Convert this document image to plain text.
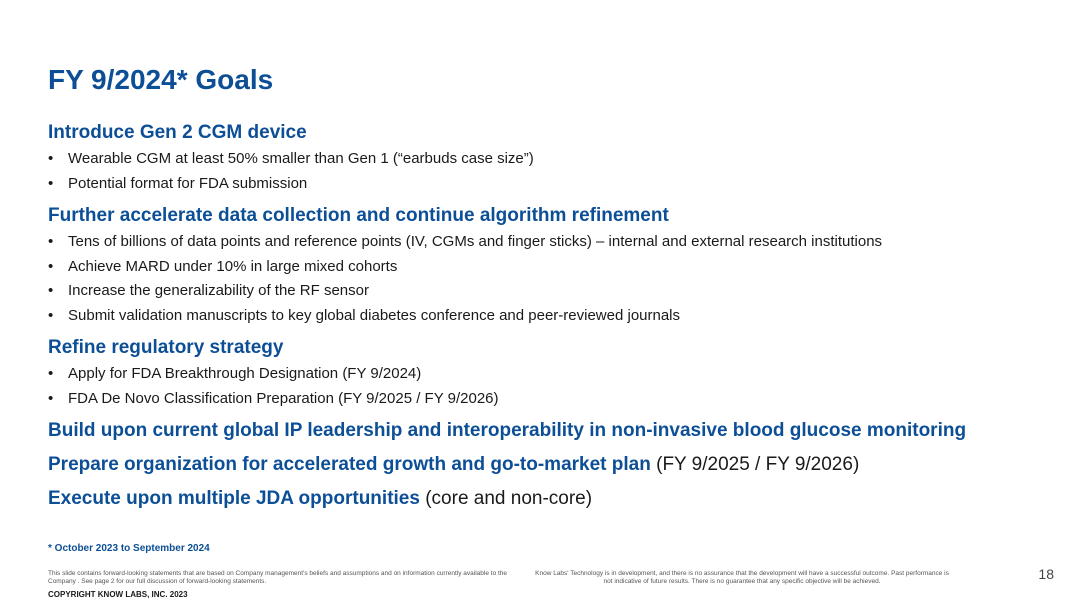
FY 9/2024* Goals
Introduce Gen 2 CGM device
• Wearable CGM at least 50% smaller than Gen 1 (“earbuds case size”)
• Potential format for FDA submission
Further accelerate data collection and continue algorithm refinement
• Tens of billions of data points and reference points (IV, CGMs and finger sticks) – internal and external research institutions
• Achieve MARD under 10% in large mixed cohorts
• Increase the generalizability of the RF sensor
• Submit validation manuscripts to key global diabetes conference and peer-reviewed journals
Refine regulatory strategy
• Apply for FDA Breakthrough Designation (FY 9/2024)
• FDA De Novo Classification Preparation (FY 9/2025 / FY 9/2026)
Build upon current global IP leadership and interoperability in non-invasive blood glucose monitoring
Prepare organization for accelerated growth and go-to-market plan (FY 9/2025 / FY 9/2026)
Execute upon multiple JDA opportunities (core and non-core)
* October 2023 to September 2024
This slide contains forward-looking statements that are based on Company management's beliefs and assumptions and on information currently available to the Company . See page 2 for our full discussion of forward-looking statements.
Know Labs' Technology is in development, and there is no assurance that the development will have a successful outcome. Past performance is not indicative of future results. There is no guarantee that any specific objective will be achieved.
COPYRIGHT KNOW LABS, INC. 2023
18
